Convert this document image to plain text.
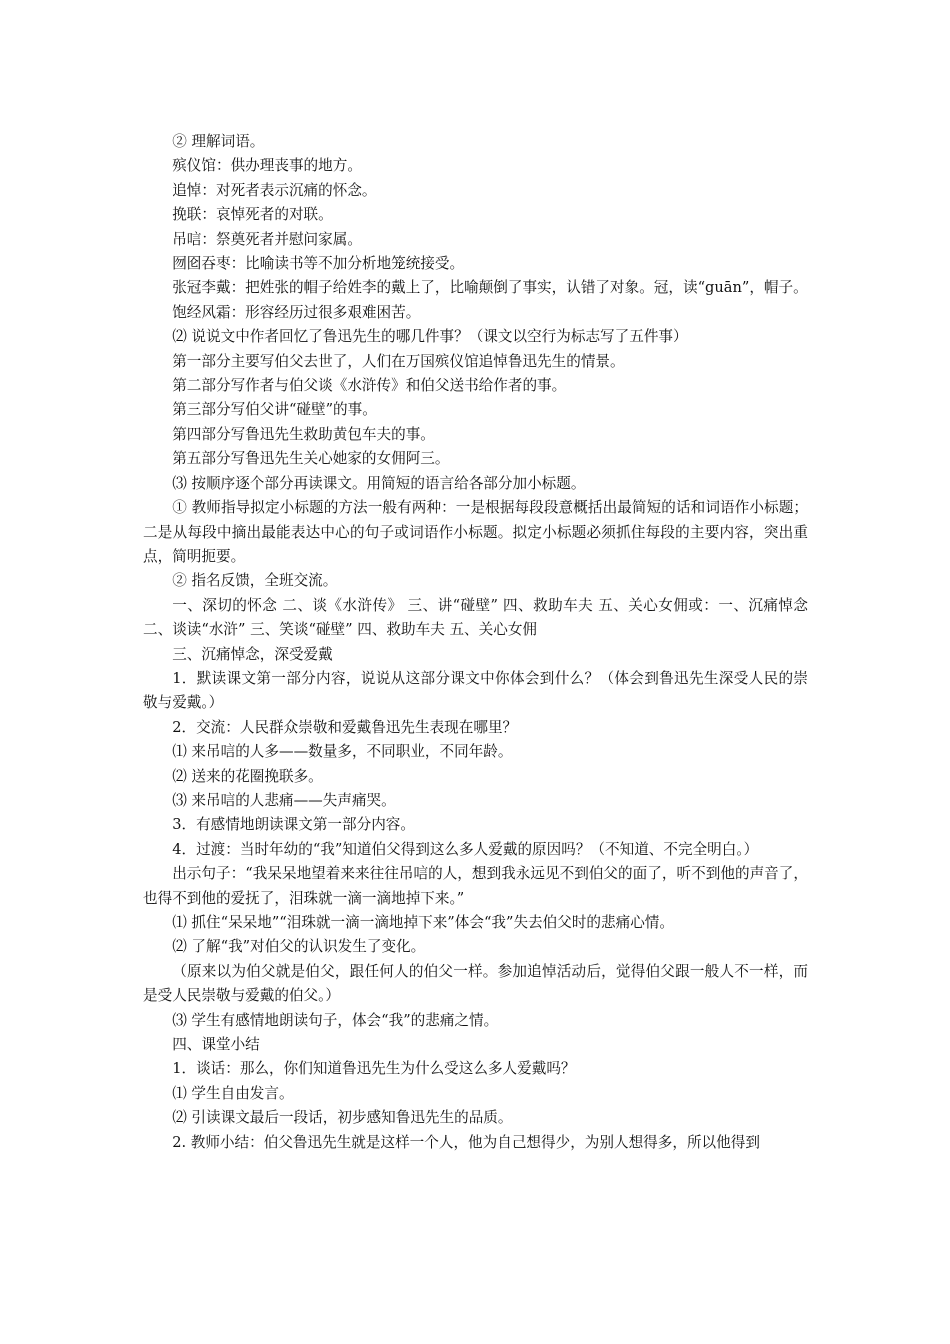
② 理解词语。

殡仪馆：供办理丧事的地方。

追悼：对死者表示沉痛的怀念。

挽联：哀悼死者的对联。

吊唁：祭奠死者并慰问家属。

囫囵吞枣：比喻读书等不加分析地笼统接受。

张冠李戴：把姓张的帽子给姓李的戴上了，比喻颠倒了事实，认错了对象。冠，读“guān”，帽子。

饱经风霜：形容经历过很多艰难困苦。

⑵ 说说文中作者回忆了鲁迅先生的哪几件事？（课文以空行为标志写了五件事）

第一部分主要写伯父去世了，人们在万国殡仪馆追悼鲁迅先生的情景。

第二部分写作者与伯父谈《水浒传》和伯父送书给作者的事。

第三部分写伯父讲“碰壁”的事。

第四部分写鲁迅先生救助黄包车夫的事。

第五部分写鲁迅先生关心她家的女佣阿三。

⑶ 按顺序逐个部分再读课文。用简短的语言给各部分加小标题。

① 教师指导拟定小标题的方法一般有两种：一是根据每段段意概括出最简短的话和词语作小标题；二是从每段中摘出最能表达中心的句子或词语作小标题。拟定小标题必须抓住每段的主要内容，突出重点，简明扼要。

② 指名反馈，全班交流。

一、深切的怀念 二、谈《水浒传》 三、讲“碰壁” 四、救助车夫 五、关心女佣或：一、沉痛悼念 二、谈读“水浒” 三、笑谈“碰壁” 四、救助车夫 五、关心女佣

三、沉痛悼念，深受爱戴

1．默读课文第一部分内容，说说从这部分课文中你体会到什么？（体会到鲁迅先生深受人民的崇敬与爱戴。）

2．交流：人民群众崇敬和爱戴鲁迅先生表现在哪里？

⑴ 来吊唁的人多——数量多，不同职业，不同年龄。

⑵ 送来的花圈挽联多。

⑶ 来吊唁的人悲痛——失声痛哭。

3．有感情地朗读课文第一部分内容。

4．过渡：当时年幼的“我”知道伯父得到这么多人爱戴的原因吗？（不知道、不完全明白。）

出示句子：“我呆呆地望着来来往往吊唁的人，想到我永远见不到伯父的面了，听不到他的声音了，也得不到他的爱抚了，泪珠就一滴一滴地掉下来。”

⑴ 抓住“呆呆地”“泪珠就一滴一滴地掉下来”体会“我”失去伯父时的悲痛心情。

⑵ 了解“我”对伯父的认识发生了变化。

（原来以为伯父就是伯父，跟任何人的伯父一样。参加追悼活动后，觉得伯父跟一般人不一样，而是受人民崇敬与爱戴的伯父。）

⑶ 学生有感情地朗读句子，体会“我”的悲痛之情。

四、课堂小结

1．谈话：那么，你们知道鲁迅先生为什么受这么多人爱戴吗？

⑴ 学生自由发言。

⑵ 引读课文最后一段话，初步感知鲁迅先生的品质。

2. 教师小结：伯父鲁迅先生就是这样一个人，他为自己想得少，为别人想得多，所以他得到
